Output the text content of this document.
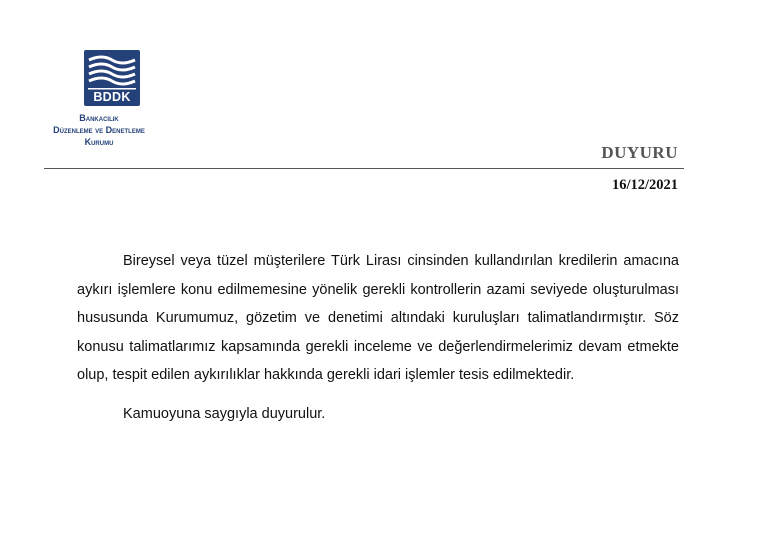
BDDK
Bankacılık
Düzenleme ve Denetleme
Kurumu
DUYURU
16/12/2021

Bireysel veya tüzel müşterilere Türk Lirası cinsinden kullandırılan kredilerin amacına aykırı işlemlere konu edilmemesine yönelik gerekli kontrollerin azami seviyede oluşturulması hususunda Kurumumuz, gözetim ve denetimi altındaki kuruluşları talimatlandırmıştır. Söz konusu talimatlarımız kapsamında gerekli inceleme ve değerlendirmelerimiz devam etmekte olup, tespit edilen aykırılıklar hakkında gerekli idari işlemler tesis edilmektedir.

Kamuoyuna saygıyla duyurulur.
